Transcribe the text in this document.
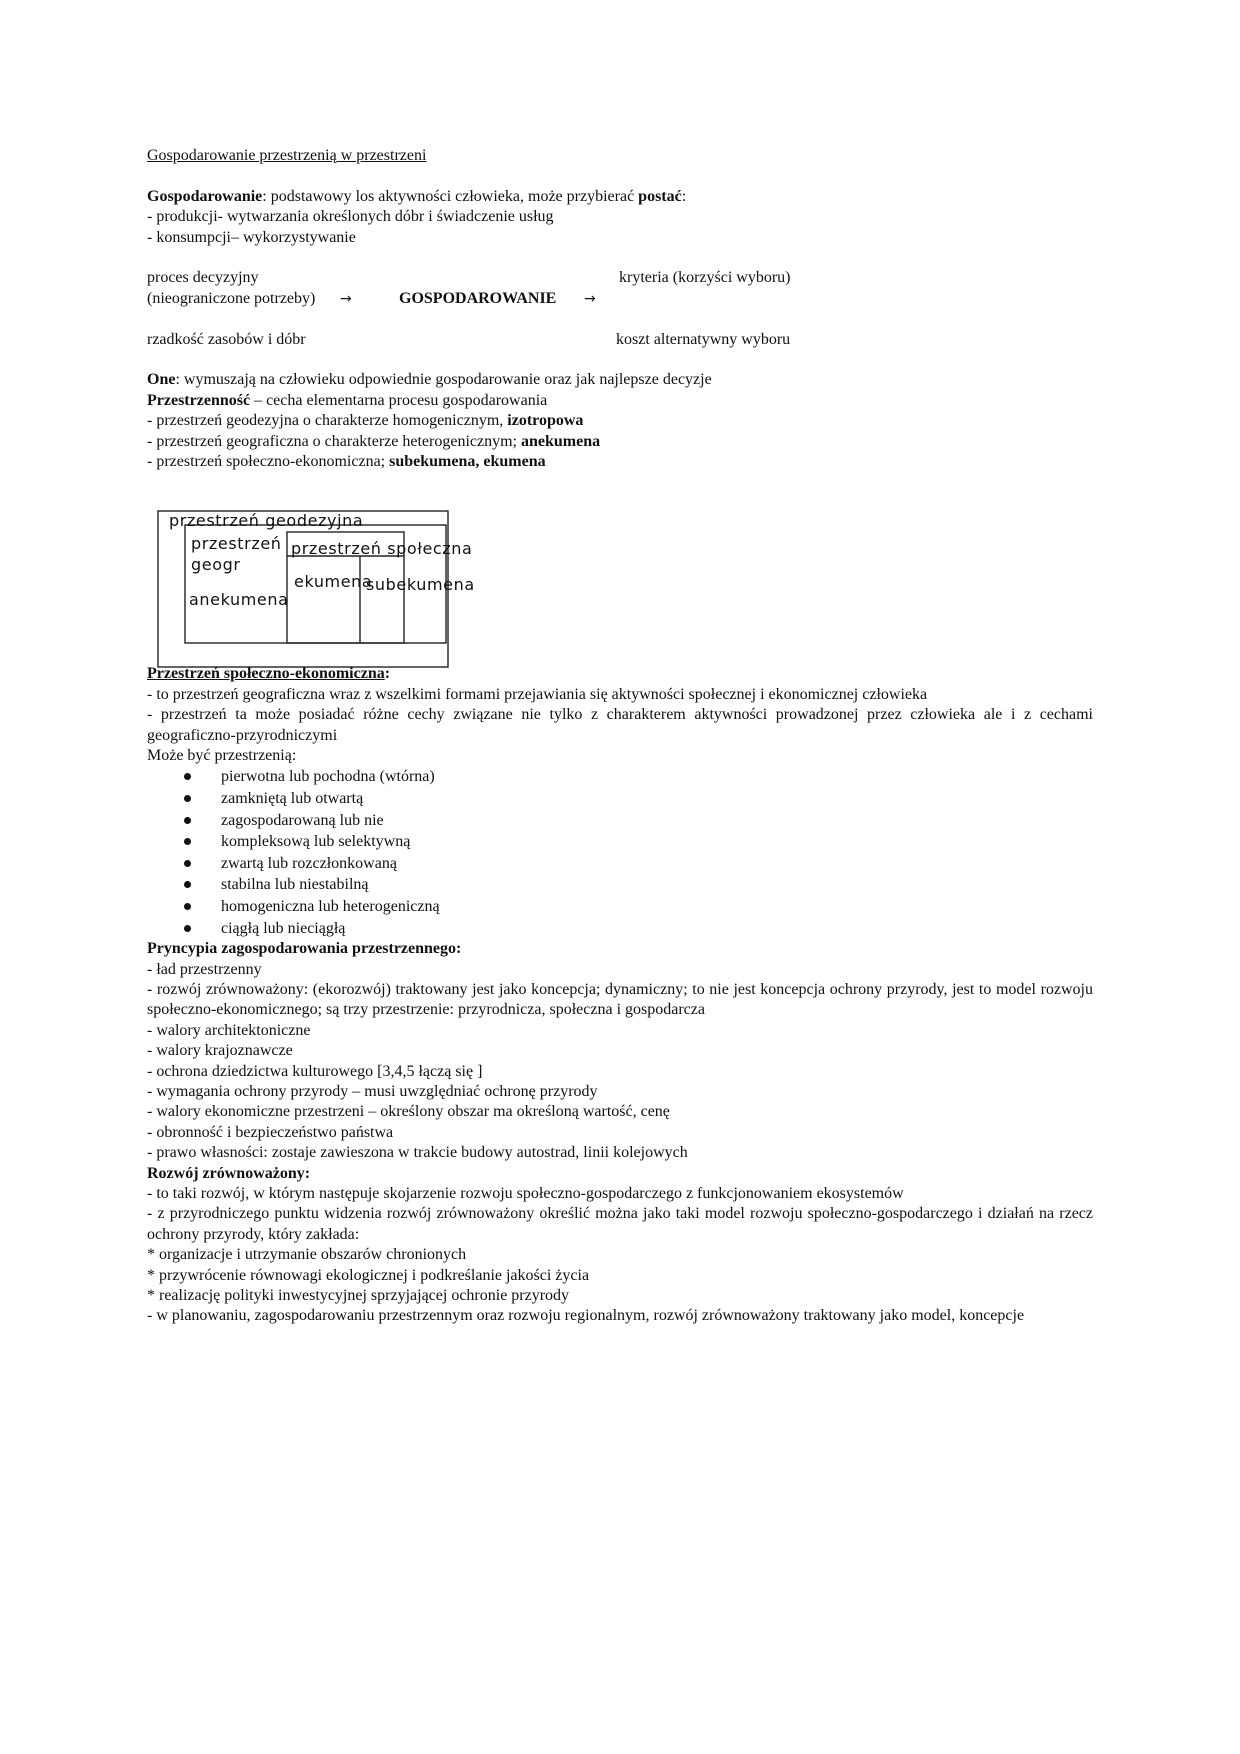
Gospodarowanie przestrzenią w przestrzeni

Gospodarowanie: podstawowy los aktywności człowieka, może przybierać postać:

- produkcji- wytwarzania określonych dóbr i świadczenie usług

- konsumpcji– wykorzystywanie

proces decyzyjny	kryteria (korzyści wyboru)
(nieograniczone potrzeby) →	GOSPODAROWANIE →
rzadkość zasobów i dóbr	koszt alternatywny wyboru

One: wymuszają na człowieku odpowiednie gospodarowanie oraz jak najlepsze decyzje

Przestrzenność – cecha elementarna procesu gospodarowania

- przestrzeń geodezyjna o charakterze homogenicznym, izotropowa

- przestrzeń geograficzna o charakterze heterogenicznym; anekumena

- przestrzeń społeczno-ekonomiczna; subekumena, ekumena

Przestrzeń społeczno-ekonomiczna:

- to przestrzeń geograficzna wraz z wszelkimi formami przejawiania się aktywności społecznej i ekonomicznej człowieka

- przestrzeń ta może posiadać różne cechy związane nie tylko z charakterem aktywności prowadzonej przez człowieka ale i z cechami geograficzno-przyrodniczymi

Może być przestrzenią:

pierwotna lub pochodna (wtórna)
zamkniętą lub otwartą
zagospodarowaną lub nie
kompleksową lub selektywną
zwartą lub rozczłonkowaną
stabilna lub niestabilną
homogeniczna lub heterogeniczną
ciągłą lub nieciągłą

Pryncypia zagospodarowania przestrzennego:

- ład przestrzenny

- rozwój zrównoważony: (ekorozwój) traktowany jest jako koncepcja; dynamiczny; to nie jest koncepcja ochrony przyrody, jest to model rozwoju społeczno-ekonomicznego; są trzy przestrzenie: przyrodnicza, społeczna i gospodarcza

- walory architektoniczne

- walory krajoznawcze

- ochrona dziedzictwa kulturowego [3,4,5 łączą się ]

- wymagania ochrony przyrody – musi uwzględniać ochronę przyrody

- walory ekonomiczne przestrzeni – określony obszar ma określoną wartość, cenę

- obronność i bezpieczeństwo państwa

- prawo własności: zostaje zawieszona w trakcie budowy autostrad, linii kolejowych

Rozwój zrównoważony:

- to taki rozwój, w którym następuje skojarzenie rozwoju społeczno-gospodarczego z funkcjonowaniem ekosystemów

- z przyrodniczego punktu widzenia rozwój zrównoważony określić można jako taki model rozwoju społeczno-gospodarczego i działań na rzecz ochrony przyrody, który zakłada:

* organizacje i utrzymanie obszarów chronionych

* przywrócenie równowagi ekologicznej i podkreślanie jakości życia

* realizację polityki inwestycyjnej sprzyjającej ochronie przyrody

- w planowaniu, zagospodarowaniu przestrzennym oraz rozwoju regionalnym, rozwój zrównoważony traktowany jako model, koncepcje

przestrzeń geodezyjna
przestrzeń
geogr
przestrzeń społeczna
ekumena
subekumena
anekumena
